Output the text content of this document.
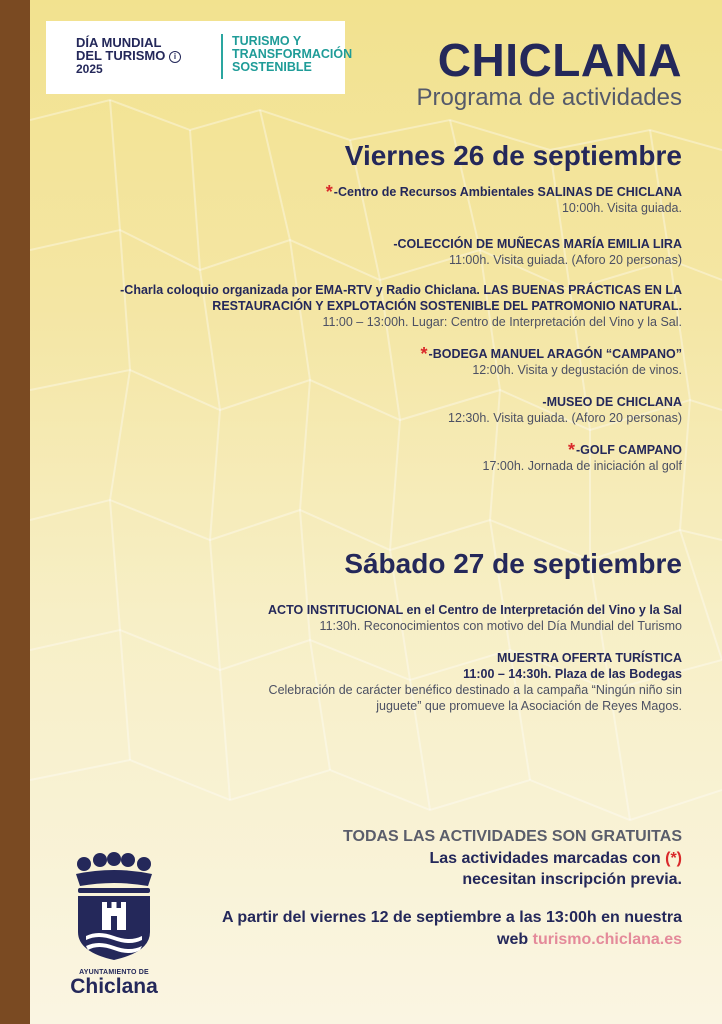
DÍA MUNDIAL
DEL TURISMO i
2025
TURISMO Y
TRANSFORMACIÓN
SOSTENIBLE	CHICLANA
Programa de actividades
Viernes 26 de septiembre
*-Centro de Recursos Ambientales SALINAS DE CHICLANA
10:00h. Visita guiada.
-COLECCIÓN DE MUÑECAS MARÍA EMILIA LIRA
11:00h. Visita guiada. (Aforo 20 personas)
-Charla coloquio organizada por EMA-RTV y Radio Chiclana. LAS BUENAS PRÁCTICAS EN LA
RESTAURACIÓN Y EXPLOTACIÓN SOSTENIBLE DEL PATROMONIO NATURAL.
11:00 – 13:00h. Lugar: Centro de Interpretación del Vino y la Sal.
*-BODEGA MANUEL ARAGÓN “CAMPANO”
12:00h. Visita y degustación de vinos.
-MUSEO DE CHICLANA
12:30h. Visita guiada. (Aforo 20 personas)
*-GOLF CAMPANO
17:00h. Jornada de iniciación al golf
Sábado 27 de septiembre
ACTO INSTITUCIONAL en el Centro de Interpretación del Vino y la Sal
11:30h. Reconocimientos con motivo del Día Mundial del Turismo
MUESTRA OFERTA TURÍSTICA
11:00 – 14:30h. Plaza de las Bodegas
Celebración de carácter benéfico destinado a la campaña “Ningún niño sin
juguete” que promueve la Asociación de Reyes Magos.
TODAS LAS ACTIVIDADES SON GRATUITAS
Las actividades marcadas con (*)
necesitan inscripción previa.
A partir del viernes 12 de septiembre a las 13:00h en nuestra
web turismo.chiclana.es
AYUNTAMIENTO DE
Chiclana
